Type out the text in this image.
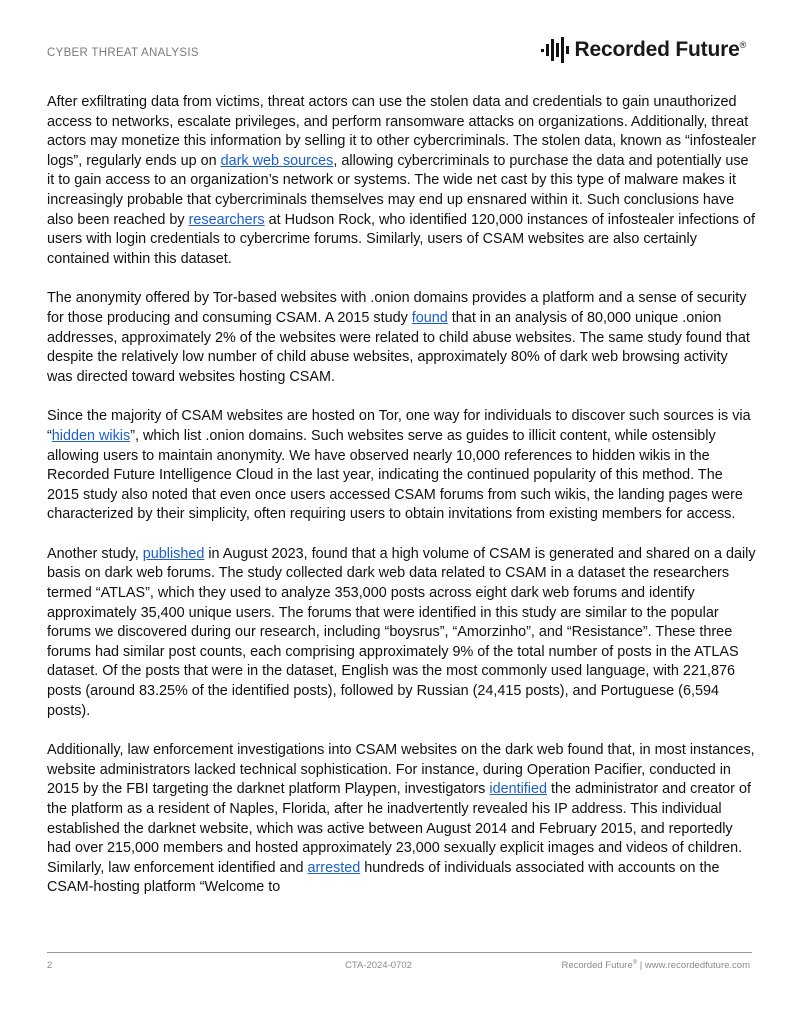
CYBER THREAT ANALYSIS	Recorded Future®

After exfiltrating data from victims, threat actors can use the stolen data and credentials to gain unauthorized access to networks, escalate privileges, and perform ransomware attacks on organizations. Additionally, threat actors may monetize this information by selling it to other cybercriminals. The stolen data, known as “infostealer logs”, regularly ends up on dark web sources, allowing cybercriminals to purchase the data and potentially use it to gain access to an organization’s network or systems. The wide net cast by this type of malware makes it increasingly probable that cybercriminals themselves may end up ensnared within it. Such conclusions have also been reached by researchers at Hudson Rock, who identified 120,000 instances of infostealer infections of users with login credentials to cybercrime forums. Similarly, users of CSAM websites are also certainly contained within this dataset.

The anonymity offered by Tor-based websites with .onion domains provides a platform and a sense of security for those producing and consuming CSAM. A 2015 study found that in an analysis of 80,000 unique .onion addresses, approximately 2% of the websites were related to child abuse websites. The same study found that despite the relatively low number of child abuse websites, approximately 80% of dark web browsing activity was directed toward websites hosting CSAM.

Since the majority of CSAM websites are hosted on Tor, one way for individuals to discover such sources is via “hidden wikis”, which list .onion domains. Such websites serve as guides to illicit content, while ostensibly allowing users to maintain anonymity. We have observed nearly 10,000 references to hidden wikis in the Recorded Future Intelligence Cloud in the last year, indicating the continued popularity of this method. The 2015 study also noted that even once users accessed CSAM forums from such wikis, the landing pages were characterized by their simplicity, often requiring users to obtain invitations from existing members for access.

Another study, published in August 2023, found that a high volume of CSAM is generated and shared on a daily basis on dark web forums. The study collected dark web data related to CSAM in a dataset the researchers termed “ATLAS”, which they used to analyze 353,000 posts across eight dark web forums and identify approximately 35,400 unique users. The forums that were identified in this study are similar to the popular forums we discovered during our research, including “boysrus”, “Amorzinho”, and “Resistance”. These three forums had similar post counts, each comprising approximately 9% of the total number of posts in the ATLAS dataset. Of the posts that were in the dataset, English was the most commonly used language, with 221,876 posts (around 83.25% of the identified posts), followed by Russian (24,415 posts), and Portuguese (6,594 posts).

Additionally, law enforcement investigations into CSAM websites on the dark web found that, in most instances, website administrators lacked technical sophistication. For instance, during Operation Pacifier, conducted in 2015 by the FBI targeting the darknet platform Playpen, investigators identified the administrator and creator of the platform as a resident of Naples, Florida, after he inadvertently revealed his IP address. This individual established the darknet website, which was active between August 2014 and February 2015, and reportedly had over 215,000 members and hosted approximately 23,000 sexually explicit images and videos of children. Similarly, law enforcement identified and arrested hundreds of individuals associated with accounts on the CSAM-hosting platform “Welcome to

2	CTA-2024-0702	Recorded Future® | www.recordedfuture.com
